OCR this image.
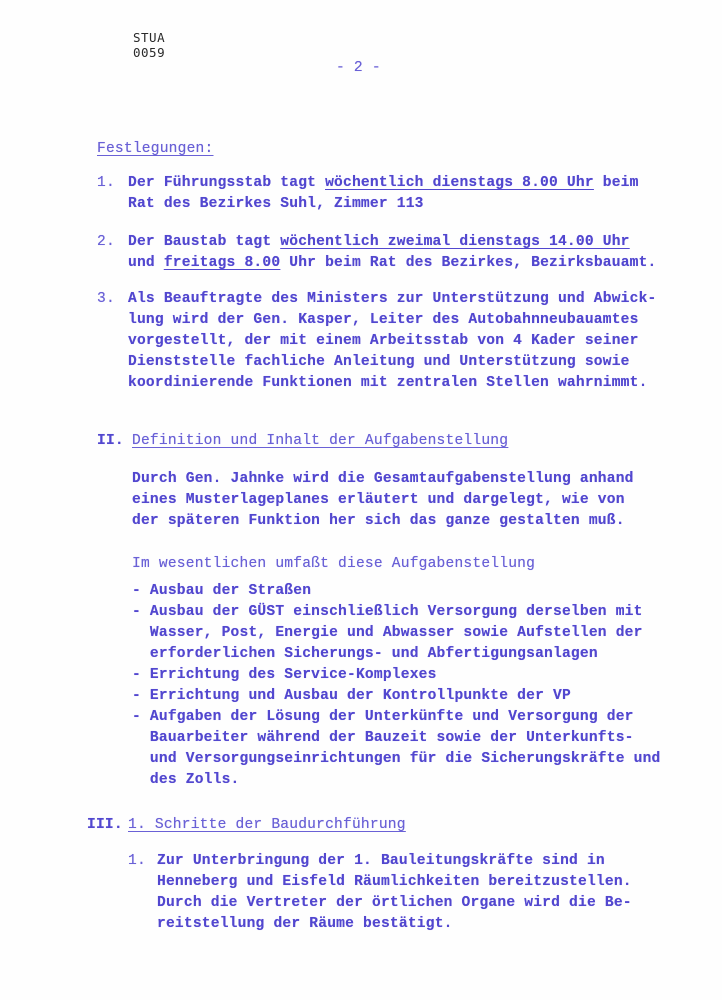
STUA
0059
- 2 -
Festlegungen:
1. Der Führungsstab tagt wöchentlich dienstags 8.00 Uhr beim
Rat des Bezirkes Suhl, Zimmer 113
2. Der Baustab tagt wöchentlich zweimal dienstags 14.00 Uhr
und freitags 8.00 Uhr beim Rat des Bezirkes, Bezirksbauamt.
3. Als Beauftragte des Ministers zur Unterstützung und Abwick-
lung wird der Gen. Kasper, Leiter des Autobahnneubauamtes
vorgestellt, der mit einem Arbeitsstab von 4 Kader seiner
Dienststelle fachliche Anleitung und Unterstützung sowie
koordinierende Funktionen mit zentralen Stellen wahrnimmt.
II. Definition und Inhalt der Aufgabenstellung
Durch Gen. Jahnke wird die Gesamtaufgabenstellung anhand
eines Musterlageplanes erläutert und dargelegt, wie von
der späteren Funktion her sich das ganze gestalten muß.
Im wesentlichen umfaßt diese Aufgabenstellung
- Ausbau der Straßen
- Ausbau der GÜST einschließlich Versorgung derselben mit
Wasser, Post, Energie und Abwasser sowie Aufstellen der
erforderlichen Sicherungs- und Abfertigungsanlagen
- Errichtung des Service-Komplexes
- Errichtung und Ausbau der Kontrollpunkte der VP
- Aufgaben der Lösung der Unterkünfte und Versorgung der
Bauarbeiter während der Bauzeit sowie der Unterkunfts-
und Versorgungseinrichtungen für die Sicherungskräfte und
des Zolls.
III. 1. Schritte der Baudurchführung
1. Zur Unterbringung der 1. Bauleitungskräfte sind in
Henneberg und Eisfeld Räumlichkeiten bereitzustellen.
Durch die Vertreter der örtlichen Organe wird die Be-
reitstellung der Räume bestätigt.
